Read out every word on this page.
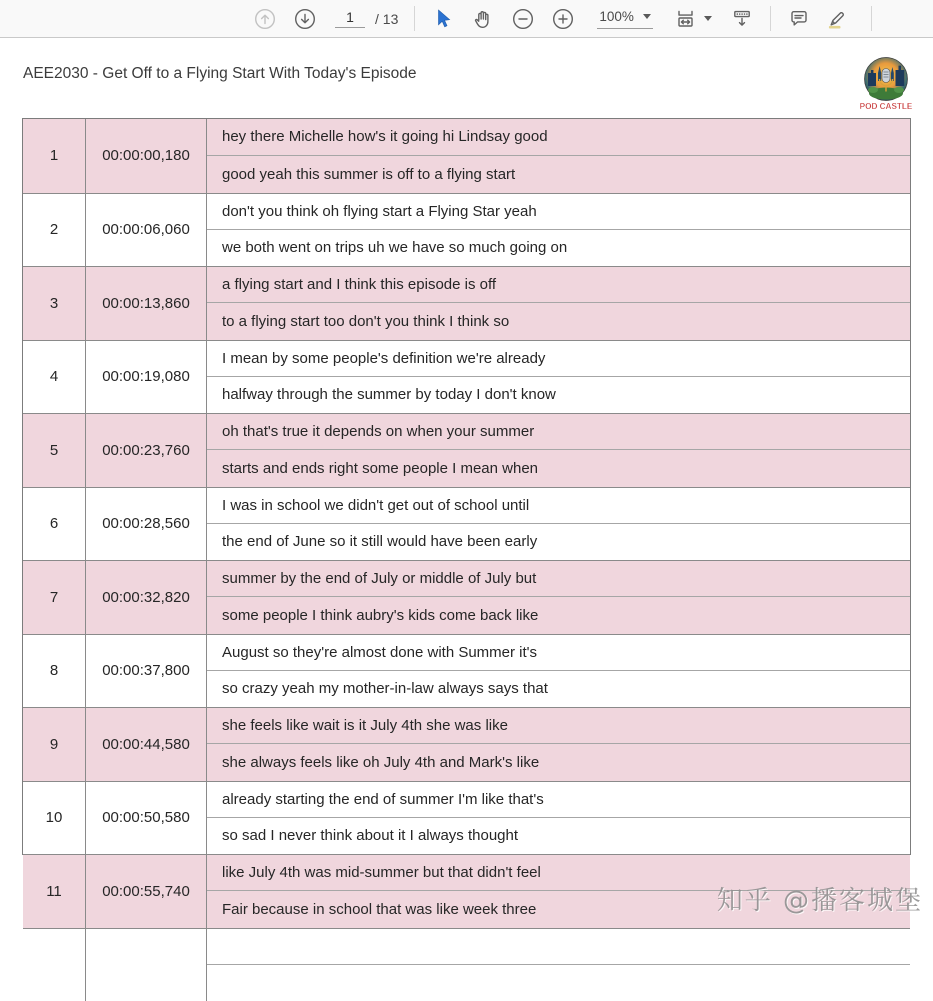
1	/ 13	100%
AEE2030 - Get Off to a Flying Start With Today's Episode
POD CASTLE
1	00:00:00,180
hey there Michelle how's it going hi Lindsay good
good yeah this summer is off to a flying start
2	00:00:06,060
don't you think oh flying start a Flying Star yeah
we both went on trips uh we have so much going on
3	00:00:13,860
a flying start and I think this episode is off
to a flying start too don't you think I think so
4	00:00:19,080
I mean by some people's definition we're already
halfway through the summer by today I don't know
5	00:00:23,760
oh that's true it depends on when your summer
starts and ends right some people I mean when
6	00:00:28,560
I was in school we didn't get out of school until
the end of June so it still would have been early
7	00:00:32,820
summer by the end of July or middle of July but
some people I think aubry's kids come back like
8	00:00:37,800
August so they're almost done with Summer it's
so crazy yeah my mother-in-law always says that
9	00:00:44,580
she feels like wait is it July 4th she was like
she always feels like oh July 4th and Mark's like
10	00:00:50,580
already starting the end of summer I'm like that's
so sad I never think about it I always thought
11	00:00:55,740
like July 4th was mid-summer but that didn't feel
Fair because in school that was like week three	知乎 @播客城堡
